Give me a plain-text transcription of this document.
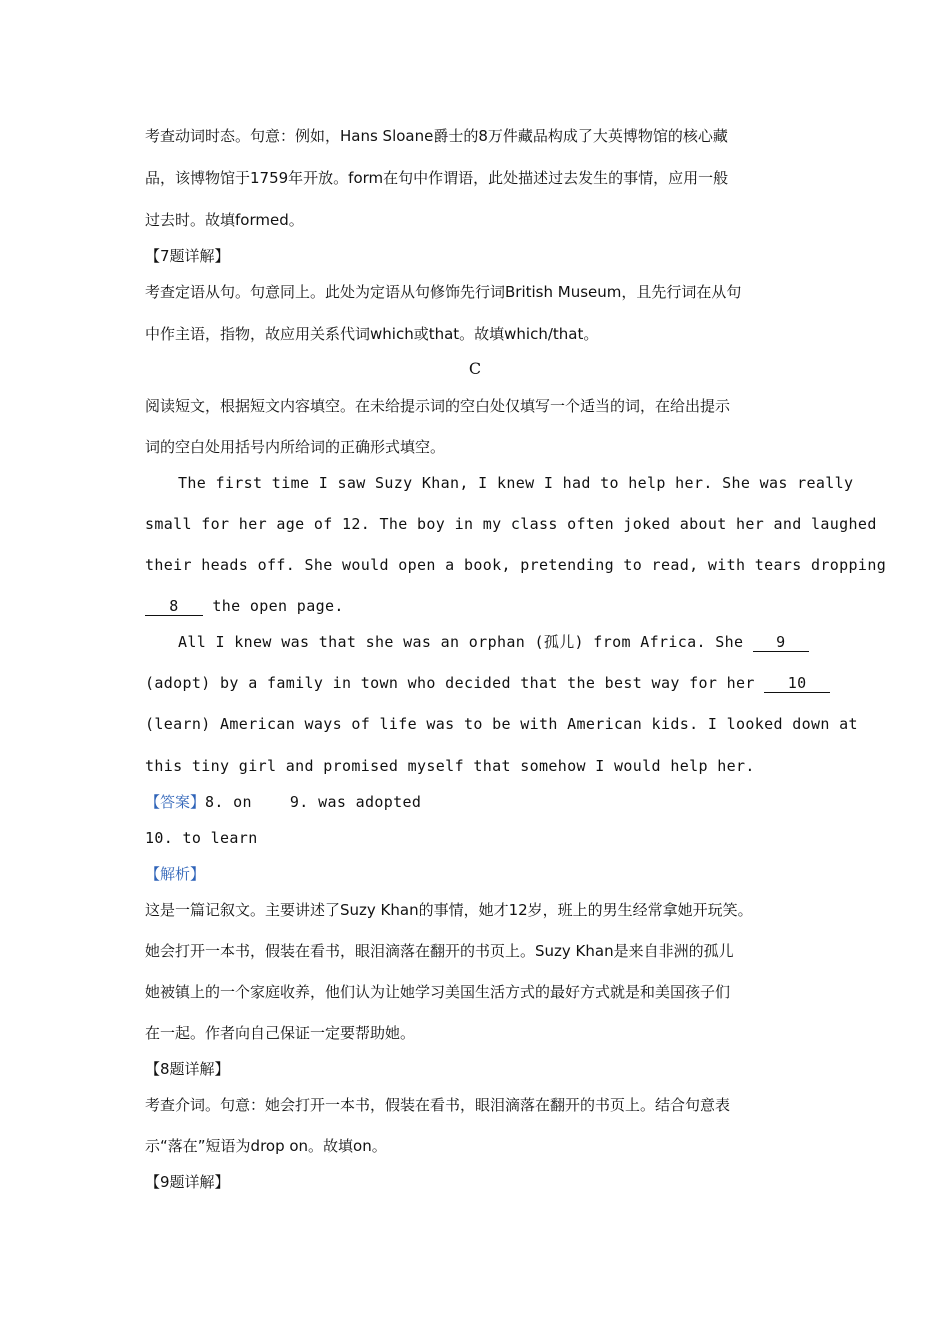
考查动词时态。句意：例如，Hans Sloane爵士的8万件藏品构成了大英博物馆的核心藏
品，该博物馆于1759年开放。form在句中作谓语，此处描述过去发生的事情，应用一般
过去时。故填formed。
【7题详解】
考查定语从句。句意同上。此处为定语从句修饰先行词British Museum，且先行词在从句
中作主语，指物，故应用关系代词which或that。故填which/that。
C
阅读短文，根据短文内容填空。在未给提示词的空白处仅填写一个适当的词，在给出提示
词的空白处用括号内所给词的正确形式填空。
The first time I saw Suzy Khan, I knew I had to help her. She was really
small for her age of 12. The boy in my class often joked about her and laughed
their heads off. She would open a book, pretending to read, with tears dropping
8 the open page.
All I knew was that she was an orphan (孤儿) from Africa. She 9
(adopt) by a family in town who decided that the best way for her 10
(learn) American ways of life was to be with American kids. I looked down at
this tiny girl and promised myself that somehow I would help her.
【答案】8. on	9. was adopted
10. to learn
【解析】
这是一篇记叙文。主要讲述了Suzy Khan的事情，她才12岁，班上的男生经常拿她开玩笑。
她会打开一本书，假装在看书，眼泪滴落在翻开的书页上。Suzy Khan是来自非洲的孤儿
她被镇上的一个家庭收养，他们认为让她学习美国生活方式的最好方式就是和美国孩子们
在一起。作者向自己保证一定要帮助她。
【8题详解】
考查介词。句意：她会打开一本书，假装在看书，眼泪滴落在翻开的书页上。结合句意表
示“落在”短语为drop on。故填on。
【9题详解】
